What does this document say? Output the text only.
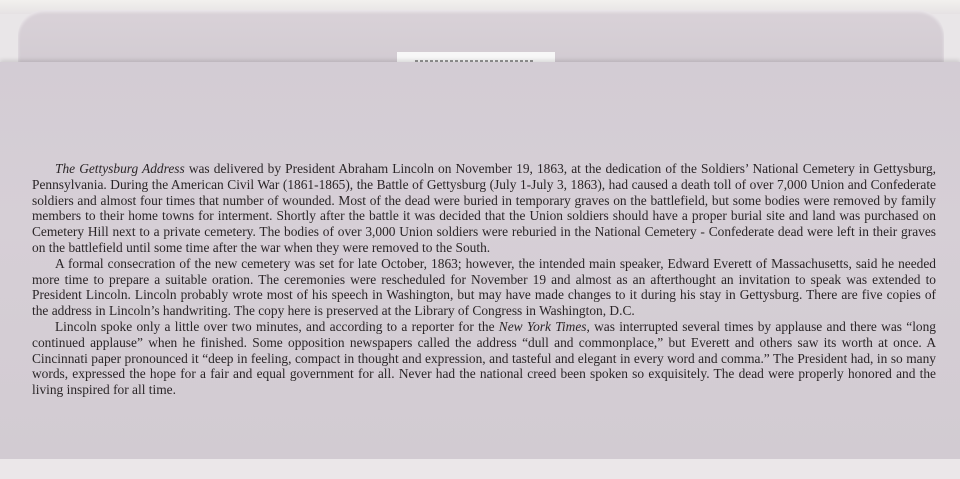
The Gettysburg Address was delivered by President Abraham Lincoln on November 19, 1863, at the dedication of the Soldiers’ National Cemetery in Gettysburg, Pennsylvania. During the American Civil War (1861-1865), the Battle of Gettysburg (July 1-July 3, 1863), had caused a death toll of over 7,000 Union and Confederate soldiers and almost four times that number of wounded. Most of the dead were buried in temporary graves on the battlefield, but some bodies were removed by family members to their home towns for interment. Shortly after the battle it was decided that the Union soldiers should have a proper burial site and land was purchased on Cemetery Hill next to a private cemetery. The bodies of over 3,000 Union soldiers were reburied in the National Cemetery - Confederate dead were left in their graves on the battlefield until some time after the war when they were removed to the South.

A formal consecration of the new cemetery was set for late October, 1863; however, the intended main speaker, Edward Everett of Massachusetts, said he needed more time to prepare a suitable oration. The ceremonies were rescheduled for November 19 and almost as an afterthought an invitation to speak was extended to President Lincoln. Lincoln probably wrote most of his speech in Washington, but may have made changes to it during his stay in Gettysburg. There are five copies of the address in Lincoln’s handwriting. The copy here is preserved at the Library of Congress in Washington, D.C.

Lincoln spoke only a little over two minutes, and according to a reporter for the New York Times, was interrupted several times by applause and there was “long continued applause” when he finished. Some opposition newspapers called the address “dull and commonplace,” but Everett and others saw its worth at once. A Cincinnati paper pronounced it “deep in feeling, compact in thought and expression, and tasteful and elegant in every word and comma.” The President had, in so many words, expressed the hope for a fair and equal government for all. Never had the national creed been spoken so exquisitely. The dead were properly honored and the living inspired for all time.
